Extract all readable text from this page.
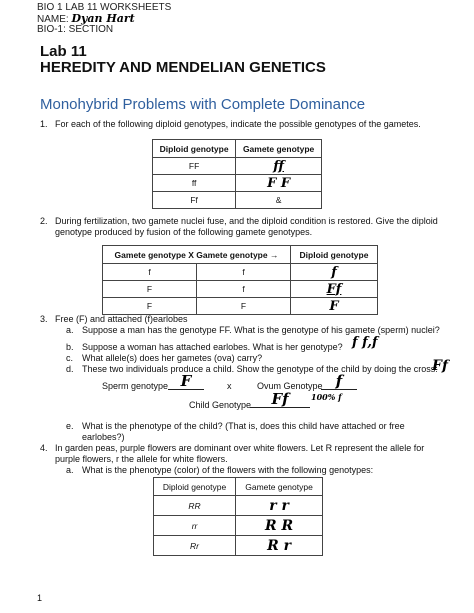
BIO 1 LAB 11 WORKSHEETS
NAME: Dyan Hart
BIO-1: SECTION
Lab 11
HEREDITY AND MENDELIAN GENETICS
Monohybrid Problems with Complete Dominance
1. For each of the following diploid genotypes, indicate the possible genotypes of the gametes.
Diploid genotype	Gamete genotype
FF	ff
ff	F F
Ff	&
2. During fertilization, two gamete nuclei fuse, and the diploid condition is restored. Give the diploid
genotype produced by fusion of the following gamete genotypes.
Gamete genotype X Gamete genotype →		Diploid genotype
f	f	f
F	f	Ff
F	F	F
3. Free (F) and attached (f)earlobes
a. Suppose a man has the genotype FF. What is the genotype of his gamete (sperm) nuclei?
b. Suppose a woman has attached earlobes. What is her genotype? f f,f
c. What allele(s) does her gametes (ova) carry?
d. These two individuals produce a child. Show the genotype of the child by doing the cross:
Ff
Sperm genotype F	x	Ovum Genotype f
100% f
Child Genotype	Ff
e. What is the phenotype of the child? (That is, does this child have attached or free
earlobes?)
4. In garden peas, purple flowers are dominant over white flowers. Let R represent the allele for
purple flowers, r the allele for white flowers.
a. What is the phenotype (color) of the flowers with the following genotypes:
Diploid genotype	Gamete genotype
RR	r r
rr	R R
Rr	R r
1
